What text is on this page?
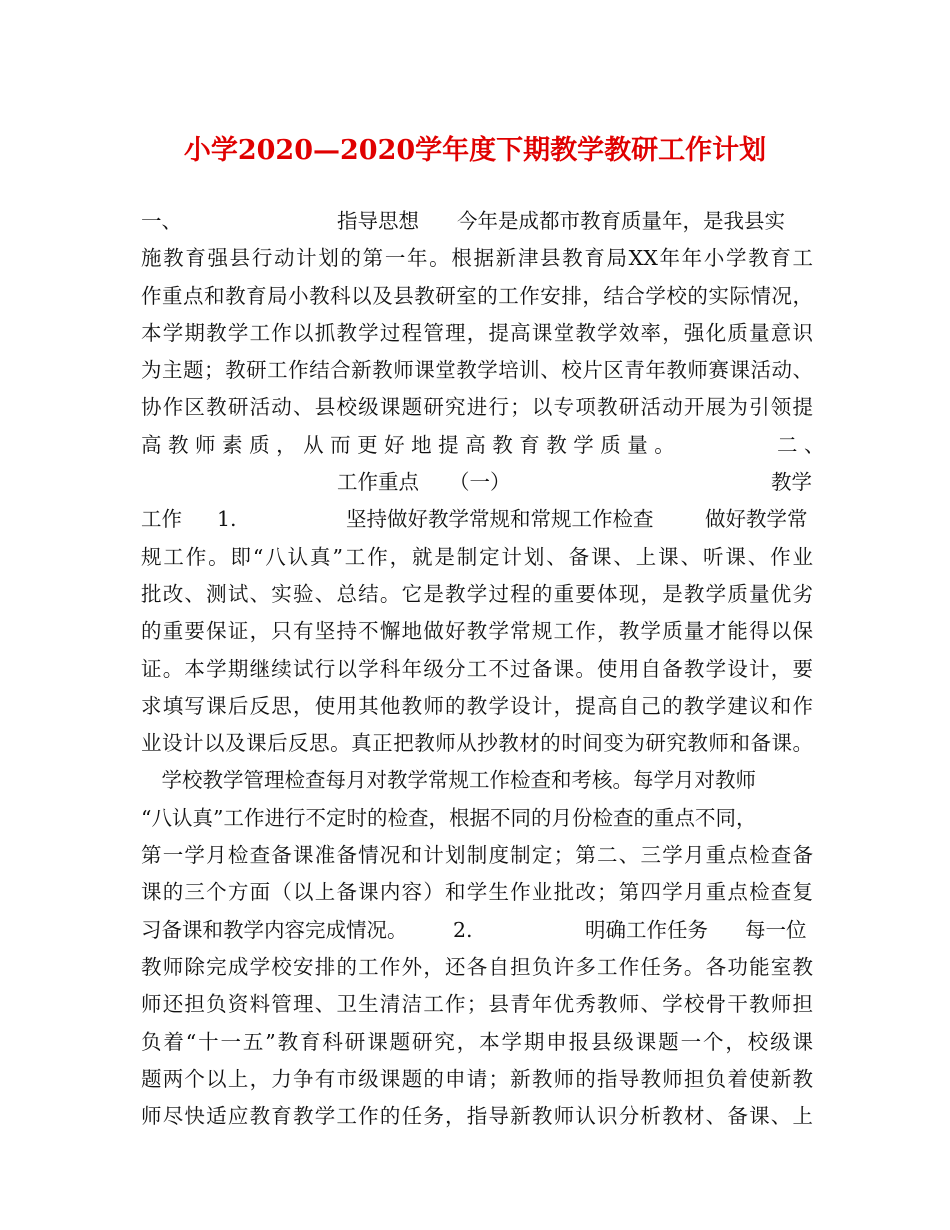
小学2020—2020学年度下期教学教研工作计划

一、

	指导思想

今年是成都市教育质量年，是我县实

施教育强县行动计划的第一年。根据新津县教育局XX年年小学教育工
作重点和教育局小教科以及县教研室的工作安排，结合学校的实际情况，
本学期教学工作以抓教学过程管理，提高课堂教学效率，强化质量意识
为主题；教研工作结合新教师课堂教学培训、校片区青年教师赛课活动、
协作区教研活动、县校级课题研究进行；以专项教研活动开展为引领提

高 教 师 素 质 ， 从 而 更 好 地 提 高 教 育 教 学 质 量 。

	二 、

工作重点

（一）

	教学

工作

1.

	坚持做好教学常规和常规工作检查

	做好教学常

规工作。即“八认真”工作，就是制定计划、备课、上课、听课、作业
批改、测试、实验、总结。它是教学过程的重要体现，是教学质量优劣
的重要保证，只有坚持不懈地做好教学常规工作，教学质量才能得以保
证。本学期继续试行以学科年级分工不过备课。使用自备教学设计，要
求填写课后反思，使用其他教师的教学设计，提高自己的教学建议和作
业设计以及课后反思。真正把教师从抄教材的时间变为研究教师和备课。
　学校教学管理检查每月对教学常规工作检查和考核。每学月对教师
“八认真”工作进行不定时的检查，根据不同的月份检查的重点不同，
第一学月检查备课准备情况和计划制度制定；第二、三学月重点检查备
课的三个方面（以上备课内容）和学生作业批改；第四学月重点检查复

习备课和教学内容完成情况。

2.

	明确工作任务

每一位

教师除完成学校安排的工作外，还各自担负许多工作任务。各功能室教
师还担负资料管理、卫生清洁工作；县青年优秀教师、学校骨干教师担
负着“十一五”教育科研课题研究，本学期申报县级课题一个，校级课
题两个以上，力争有市级课题的申请；新教师的指导教师担负着使新教
师尽快适应教育教学工作的任务，指导新教师认识分析教材、备课、上
